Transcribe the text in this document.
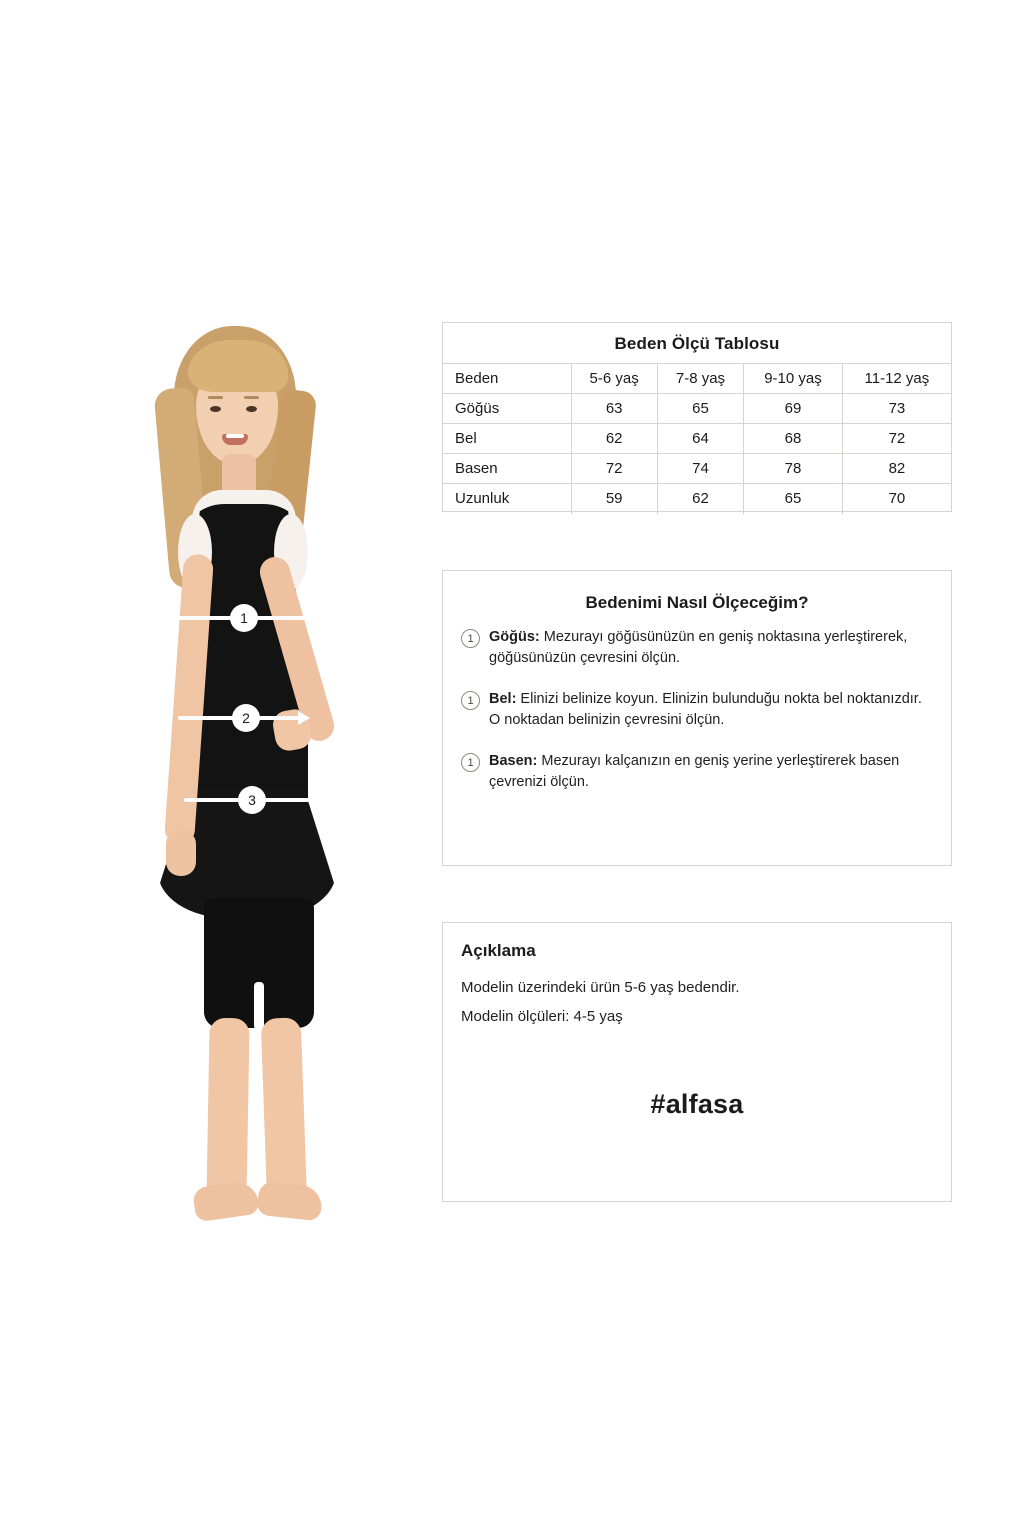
1
2
3
Beden Ölçü Tablosu
Beden	5-6 yaş	7-8 yaş	9-10 yaş	11-12 yaş
Göğüs	63	65	69	73
Bel	62	64	68	72
Basen	72	74	78	82
Uzunluk	59	62	65	70
Bedenimi Nasıl Ölçeceğim?
1	Göğüs: Mezurayı göğüsünüzün en geniş noktasına yerleştirerek, göğüsünüzün çevresini ölçün.
1	Bel: Elinizi belinize koyun. Elinizin bulunduğu nokta bel noktanızdır. O noktadan belinizin çevresini ölçün.
1	Basen: Mezurayı kalçanızın en geniş yerine yerleştirerek basen çevrenizi ölçün.
Açıklama
Modelin üzerindeki ürün 5-6 yaş bedendir.
Modelin ölçüleri: 4-5 yaş
#alfasa
